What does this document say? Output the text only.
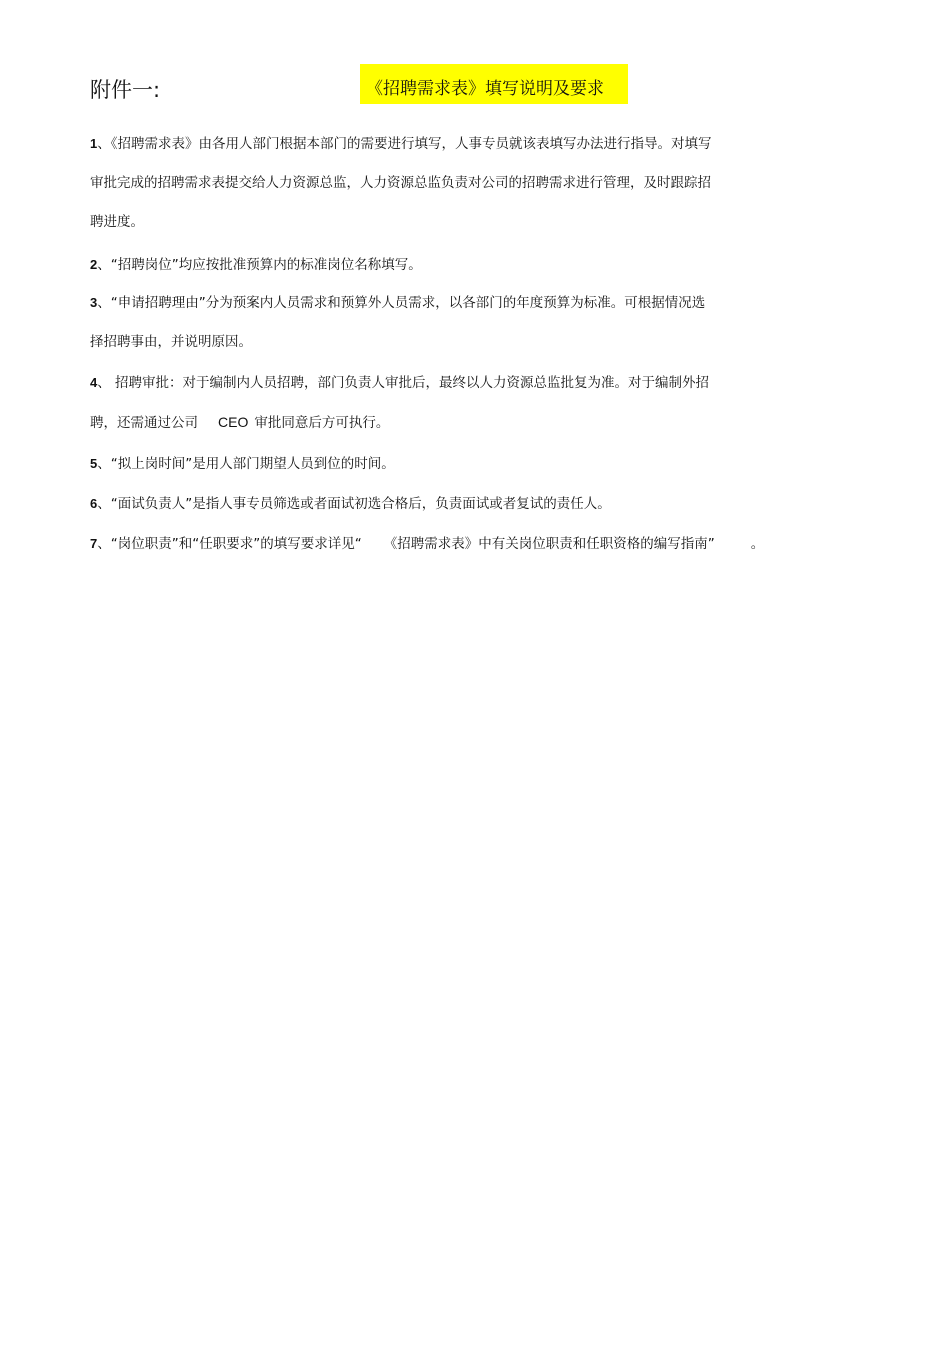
附件一:	《招聘需求表》填写说明及要求
1、《招聘需求表》由各用人部门根据本部门的需要进行填写，人事专员就该表填写办法进行指导。对填写
审批完成的招聘需求表提交给人力资源总监，人力资源总监负责对公司的招聘需求进行管理，及时跟踪招
聘进度。
2、“招聘岗位”均应按批准预算内的标准岗位名称填写。
3、“申请招聘理由”分为预案内人员需求和预算外人员需求，以各部门的年度预算为标准。可根据情况选
择招聘事由，并说明原因。
4、 招聘审批：对于编制内人员招聘，部门负责人审批后，最终以人力资源总监批复为准。对于编制外招
聘，还需通过公司 CEO 审批同意后方可执行。
5、“拟上岗时间”是用人部门期望人员到位的时间。
6、“面试负责人”是指人事专员筛选或者面试初选合格后，负责面试或者复试的责任人。
7、“岗位职责”和“任职要求”的填写要求详见“ 《招聘需求表》中有关岗位职责和任职资格的编写指南”	。
